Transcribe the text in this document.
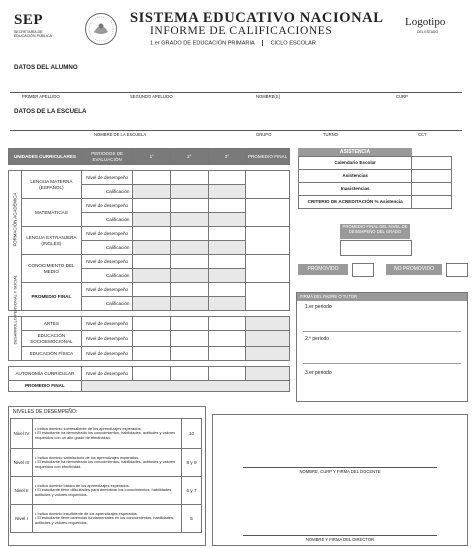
SEP
SECRETARÍA DE
EDUCACIÓN PÚBLICA
SISTEMA EDUCATIVO NACIONAL
INFORME DE CALIFICACIONES
1.er GRADO DE EDUCACIÓN PRIMARIA	CICLO ESCOLAR
Logotipo
DEL ESTADO
DATOS DEL ALUMNO
PRIMER APELLIDO	SEGUNDO APELLIDO	NOMBRE(S)	CURP
DATOS DE LA ESCUELA
NOMBRE DE LA ESCUELA	GRUPO	TURNO	CCT
UNIDADES CURRICULARES		PERIODOS DE EVALUACIÓN	1°	2°	3°	PROMEDIO FINAL

FORMACIÓN ACADÉMICA	LENGUA MATERNA (ESPAÑOL)	Nivel de desempeño				
		Calificación				
	MATEMÁTICAS	Nivel de desempeño				
		Calificación				
	LENGUA EXTRANJERA (INGLÉS)	Nivel de desempeño				
		Calificación				
	CONOCIMIENTO DEL MEDIO	Nivel de desempeño				
		Calificación				
	PROMEDIO FINAL	Nivel de desempeño				
		Calificación				

DESARROLLO PERSONAL Y SOCIAL	ARTES	Nivel de desempeño				
	EDUCACIÓN SOCIOEMOCIONAL	Nivel de desempeño				
	EDUCACIÓN FÍSICA	Nivel de desempeño				

AUTONOMÍA CURRICULAR		Nivel de desempeño				
PROMEDIO FINAL						
ASISTENCIA
Calendario Escolar	
Asistencias	
Inasistencias	
CRITERIO DE ACREDITACIÓN % Asistencia	
PROMEDIO FINAL DEL NIVEL DE DESEMPEÑO DEL GRADO
PROMOVIDO	NO PROMOVIDO
FIRMA DEL PADRE O TUTOR
1.er periodo
2.º periodo
3.er periodo
NIVELES DE DESEMPEÑO:
Nivel IV	• Indica dominio sobresaliente de los aprendizajes esperados.
• El estudiante ha demostrado los conocimientos, habilidades, actitudes y valores requeridos con un alto grado de efectividad.	10
Nivel III	• Indica dominio satisfactorio de los aprendizajes esperados.
• El estudiante ha demostrado los conocimientos, habilidades, actitudes y valores requeridos con efectividad.	8 y 9
Nivel II	• Indica dominio básico de los aprendizajes esperados.
• El estudiante tiene dificultades para demostrar los conocimientos, habilidades, actitudes y valores requeridos.	6 y 7
Nivel I	• Indica dominio insuficiente de los aprendizajes esperados.
• El estudiante tiene carencias fundamentales en los conocimientos, habilidades, actitudes y valores requeridos.	5
NOMBRE, CURP Y FIRMA DEL DOCENTE
NOMBRE Y FIRMA DEL DIRECTOR
